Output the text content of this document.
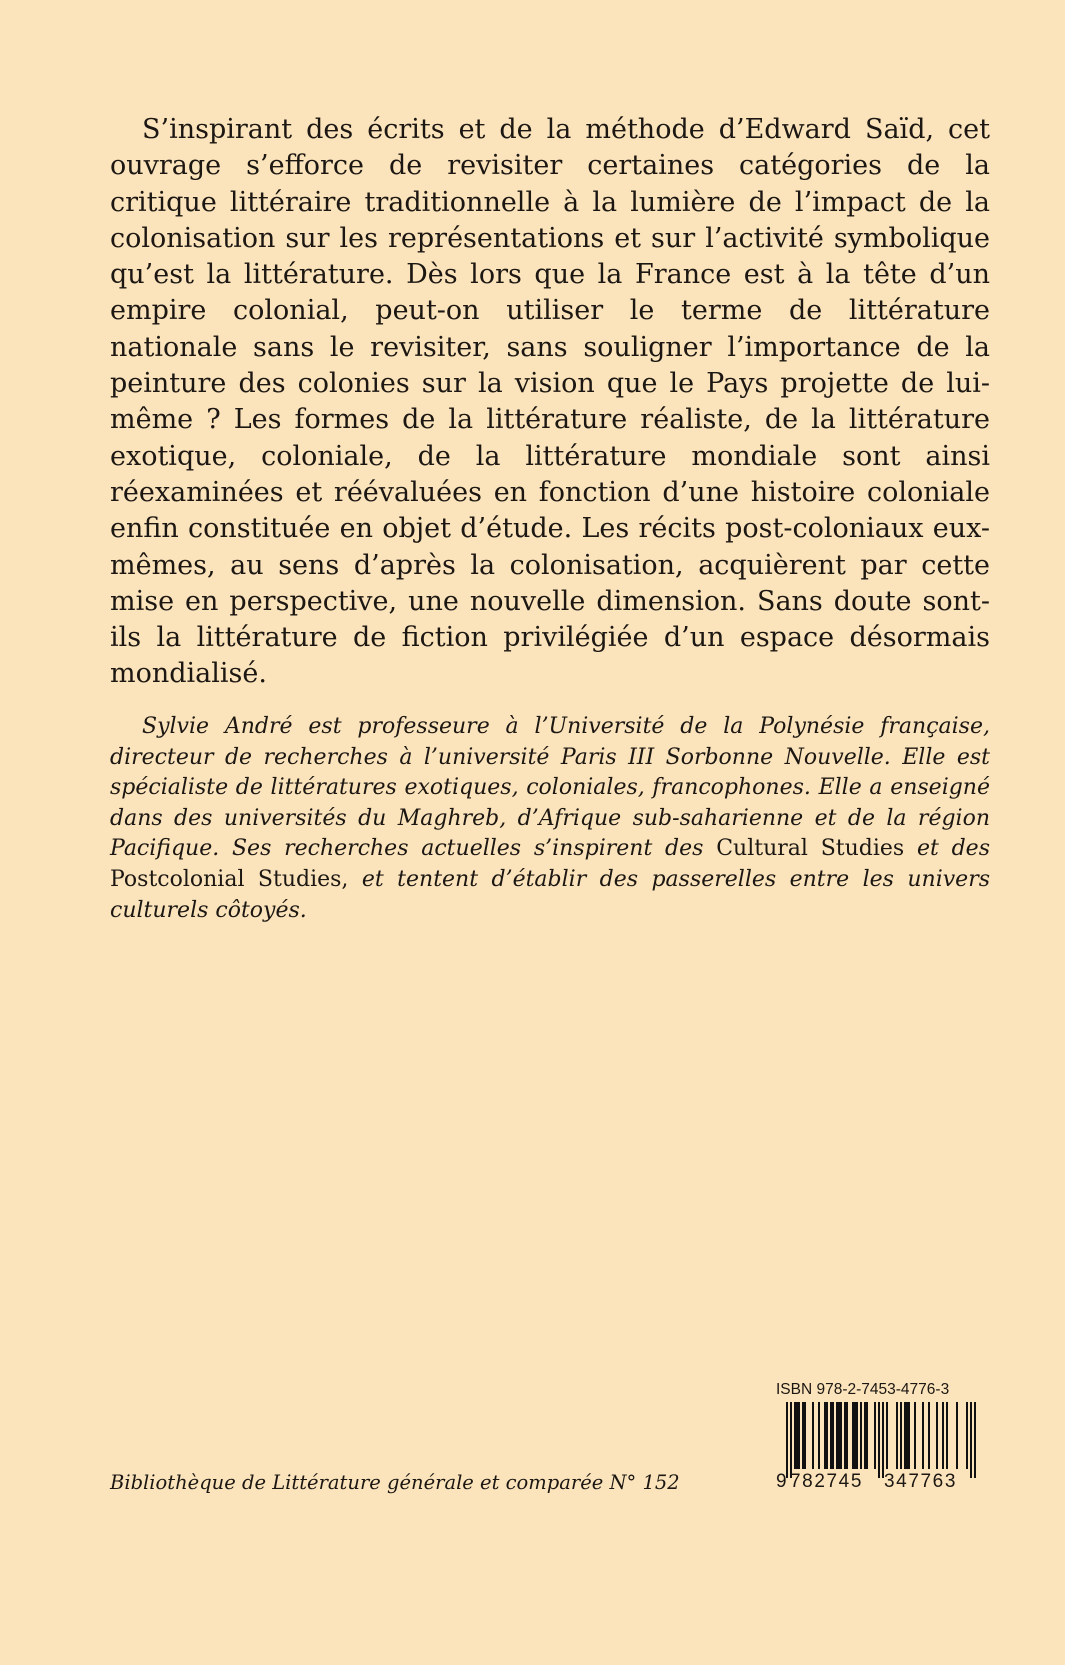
S’inspirant des écrits et de la méthode d’Edward Saïd, cet ouvrage s’efforce de revisiter certaines catégories de la critique littéraire traditionnelle à la lumière de l’impact de la colonisation sur les représentations et sur l’activité symbolique qu’est la littérature. Dès lors que la France est à la tête d’un empire colonial, peut-on utiliser le terme de littérature nationale sans le revisiter, sans souligner l’importance de la peinture des colonies sur la vision que le Pays projette de lui-même ? Les formes de la littérature réaliste, de la littérature exotique, coloniale, de la littérature mondiale sont ainsi réexaminées et réévaluées en fonction d’une histoire coloniale enfin constituée en objet d’étude. Les récits post-coloniaux eux-mêmes, au sens d’après la colonisation, acquièrent par cette mise en perspective, une nouvelle dimension. Sans doute sont-ils la littérature de fiction privilégiée d’un espace désormais mondialisé.

Sylvie André est professeure à l’Université de la Polynésie française, directeur de recherches à l’université Paris III Sorbonne Nouvelle. Elle est spécialiste de littératures exotiques, coloniales, francophones. Elle a enseigné dans des universités du Maghreb, d’Afrique sub-saharienne et de la région Pacifique. Ses recherches actuelles s’inspirent des Cultural Studies et des Postcolonial Studies, et tentent d’établir des passerelles entre les univers culturels côtoyés.

Bibliothèque de Littérature générale et comparée N° 152

ISBN 978-2-7453-4776-3
9 782745	347763
